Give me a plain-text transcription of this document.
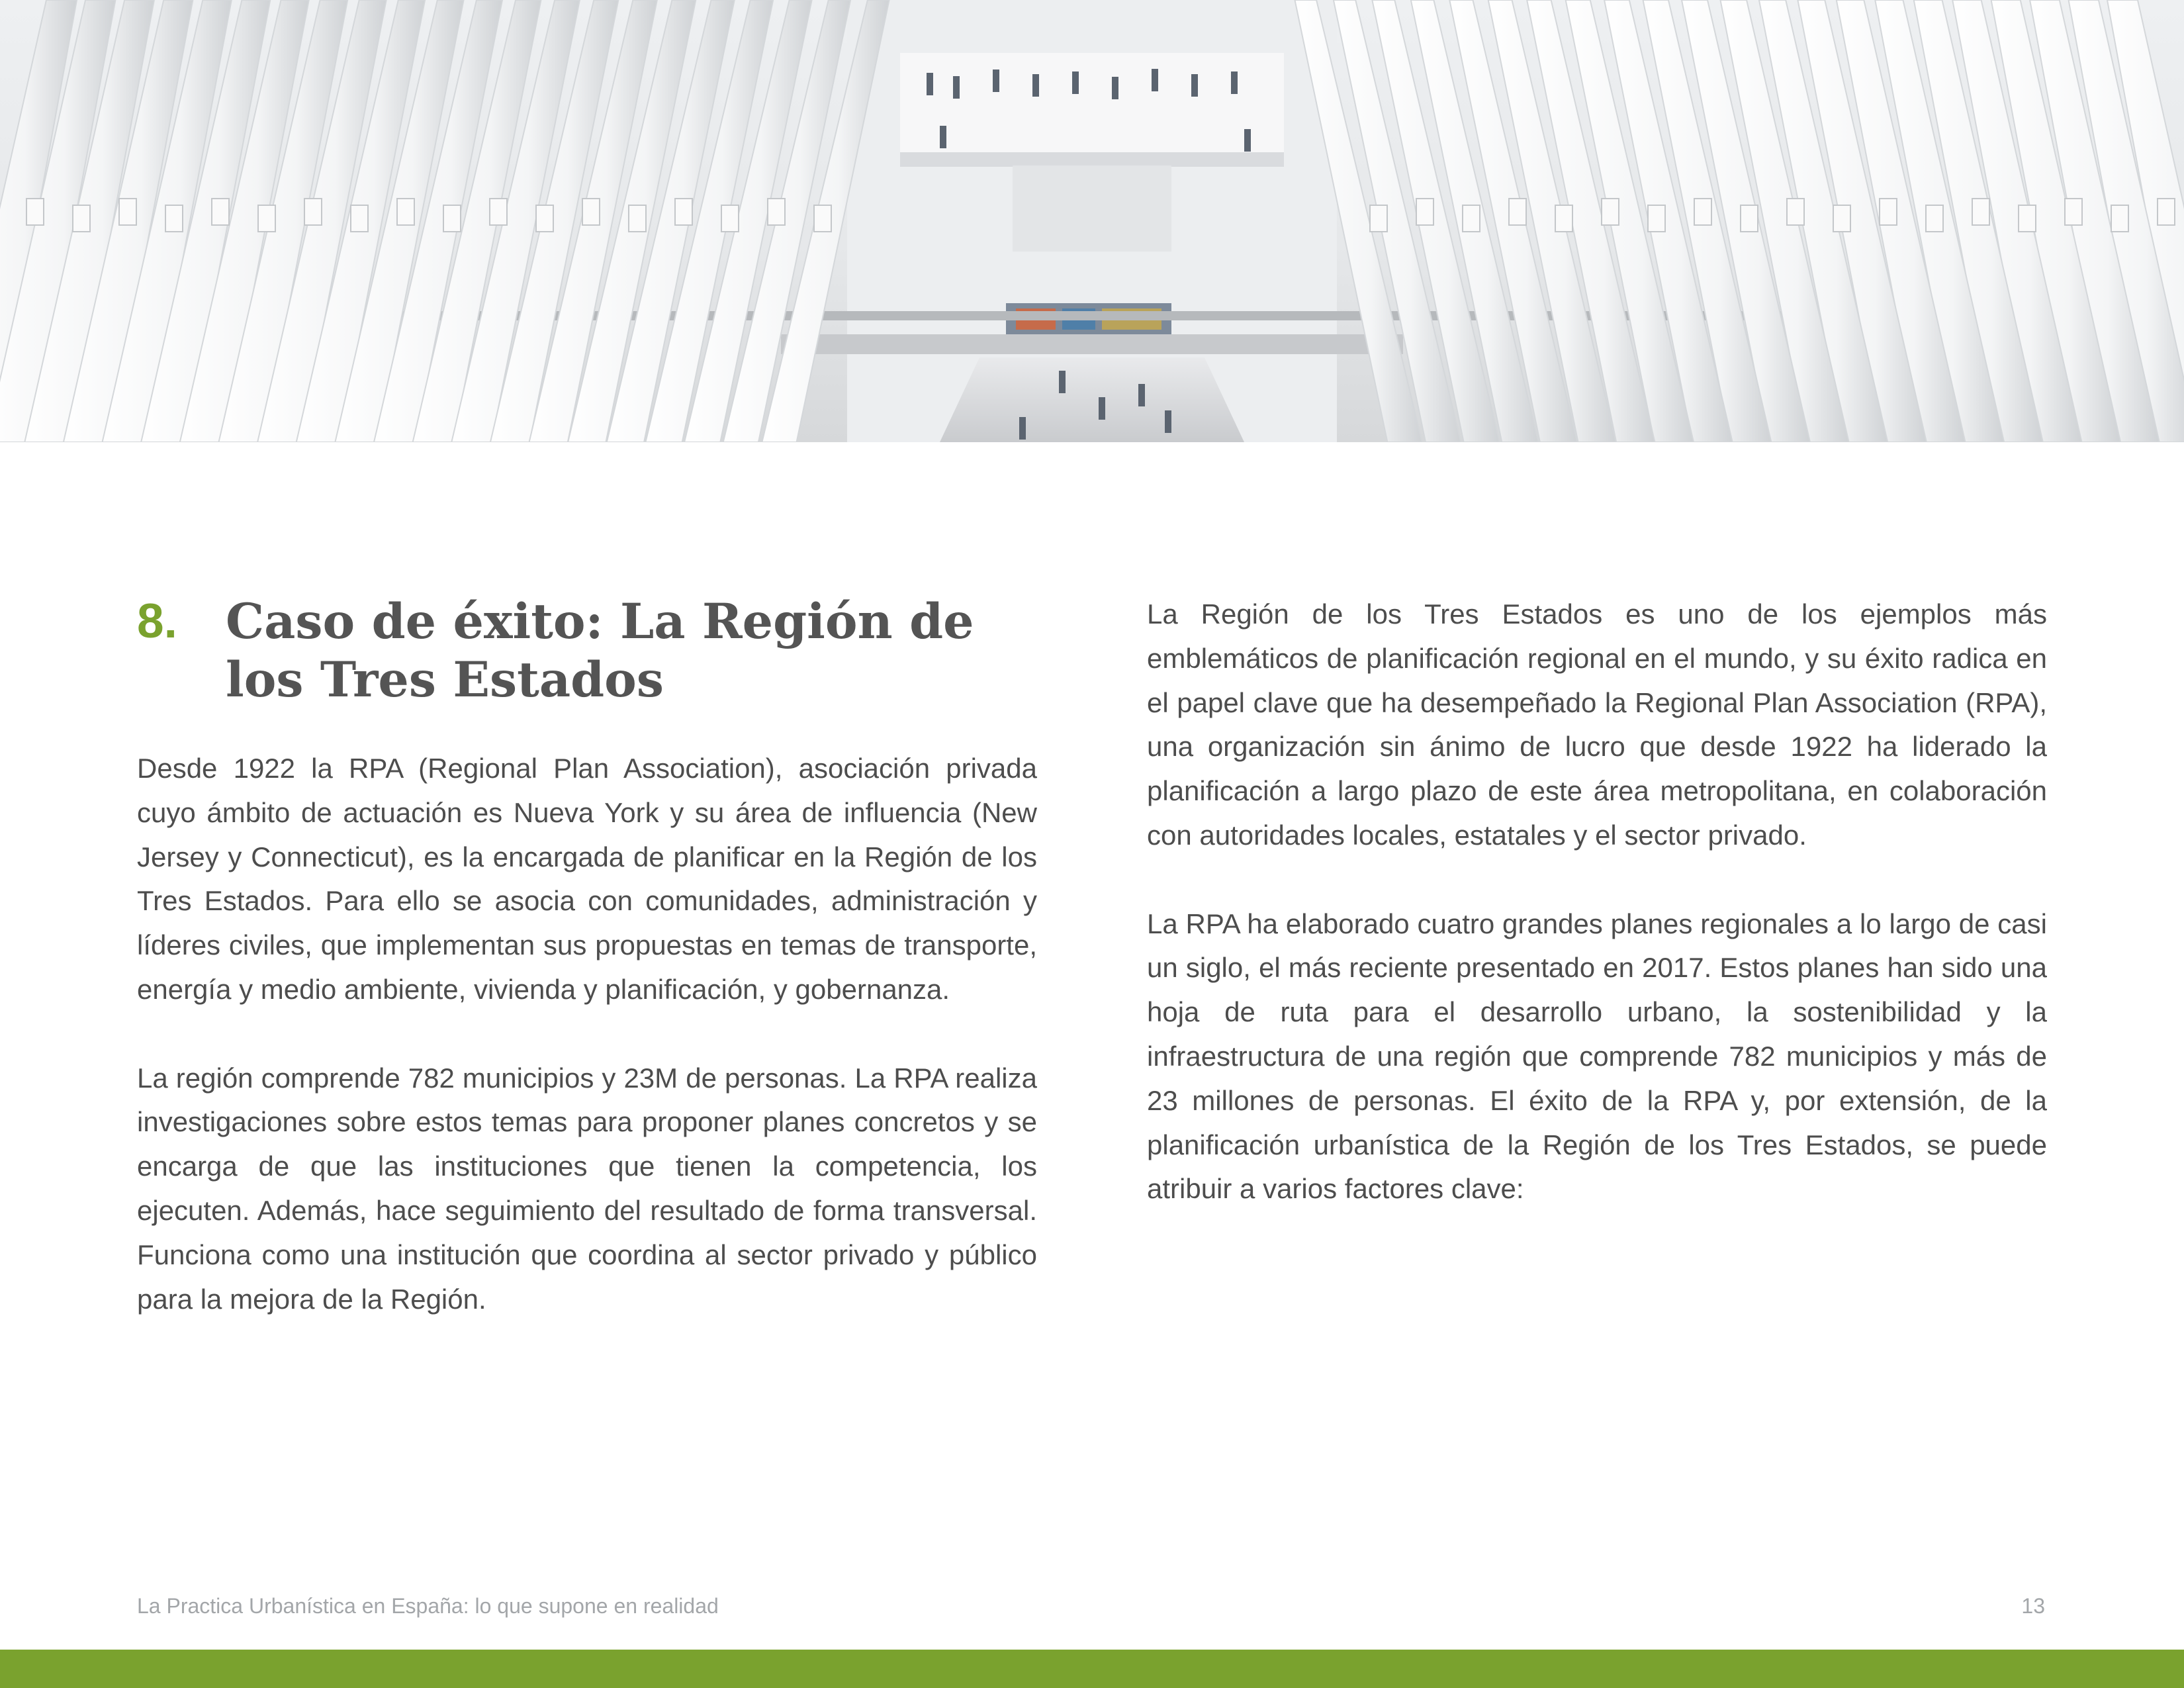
8. Caso de éxito: La Región de los Tres Estados

Desde 1922 la RPA (Regional Plan Association), asociación privada cuyo ámbito de actuación es Nueva York y su área de influencia (New Jersey y Connecticut), es la encargada de planificar en la Región de los Tres Estados. Para ello se asocia con comunidades, administración y líderes civiles, que implementan sus propuestas en temas de transporte, energía y medio ambiente, vivienda y planificación, y gobernanza.

La región comprende 782 municipios y 23M de personas. La RPA realiza investigaciones sobre estos temas para proponer planes concretos y se encarga de que las instituciones que tienen la competencia, los ejecuten. Además, hace seguimiento del resultado de forma transversal. Funciona como una institución que coordina al sector privado y público para la mejora de la Región.

La Región de los Tres Estados es uno de los ejemplos más emblemáticos de planificación regional en el mundo, y su éxito radica en el papel clave que ha desempeñado la Regional Plan Association (RPA), una organización sin ánimo de lucro que desde 1922 ha liderado la planificación a largo plazo de este área metropolitana, en colaboración con autoridades locales, estatales y el sector privado.

La RPA ha elaborado cuatro grandes planes regionales a lo largo de casi un siglo, el más reciente presentado en 2017. Estos planes han sido una hoja de ruta para el desarrollo urbano, la sostenibilidad y la infraestructura de una región que comprende 782 municipios y más de 23 millones de personas. El éxito de la RPA y, por extensión, de la planificación urbanística de la Región de los Tres Estados, se puede atribuir a varios factores clave:

La Practica Urbanística en España: lo que supone en realidad	13
